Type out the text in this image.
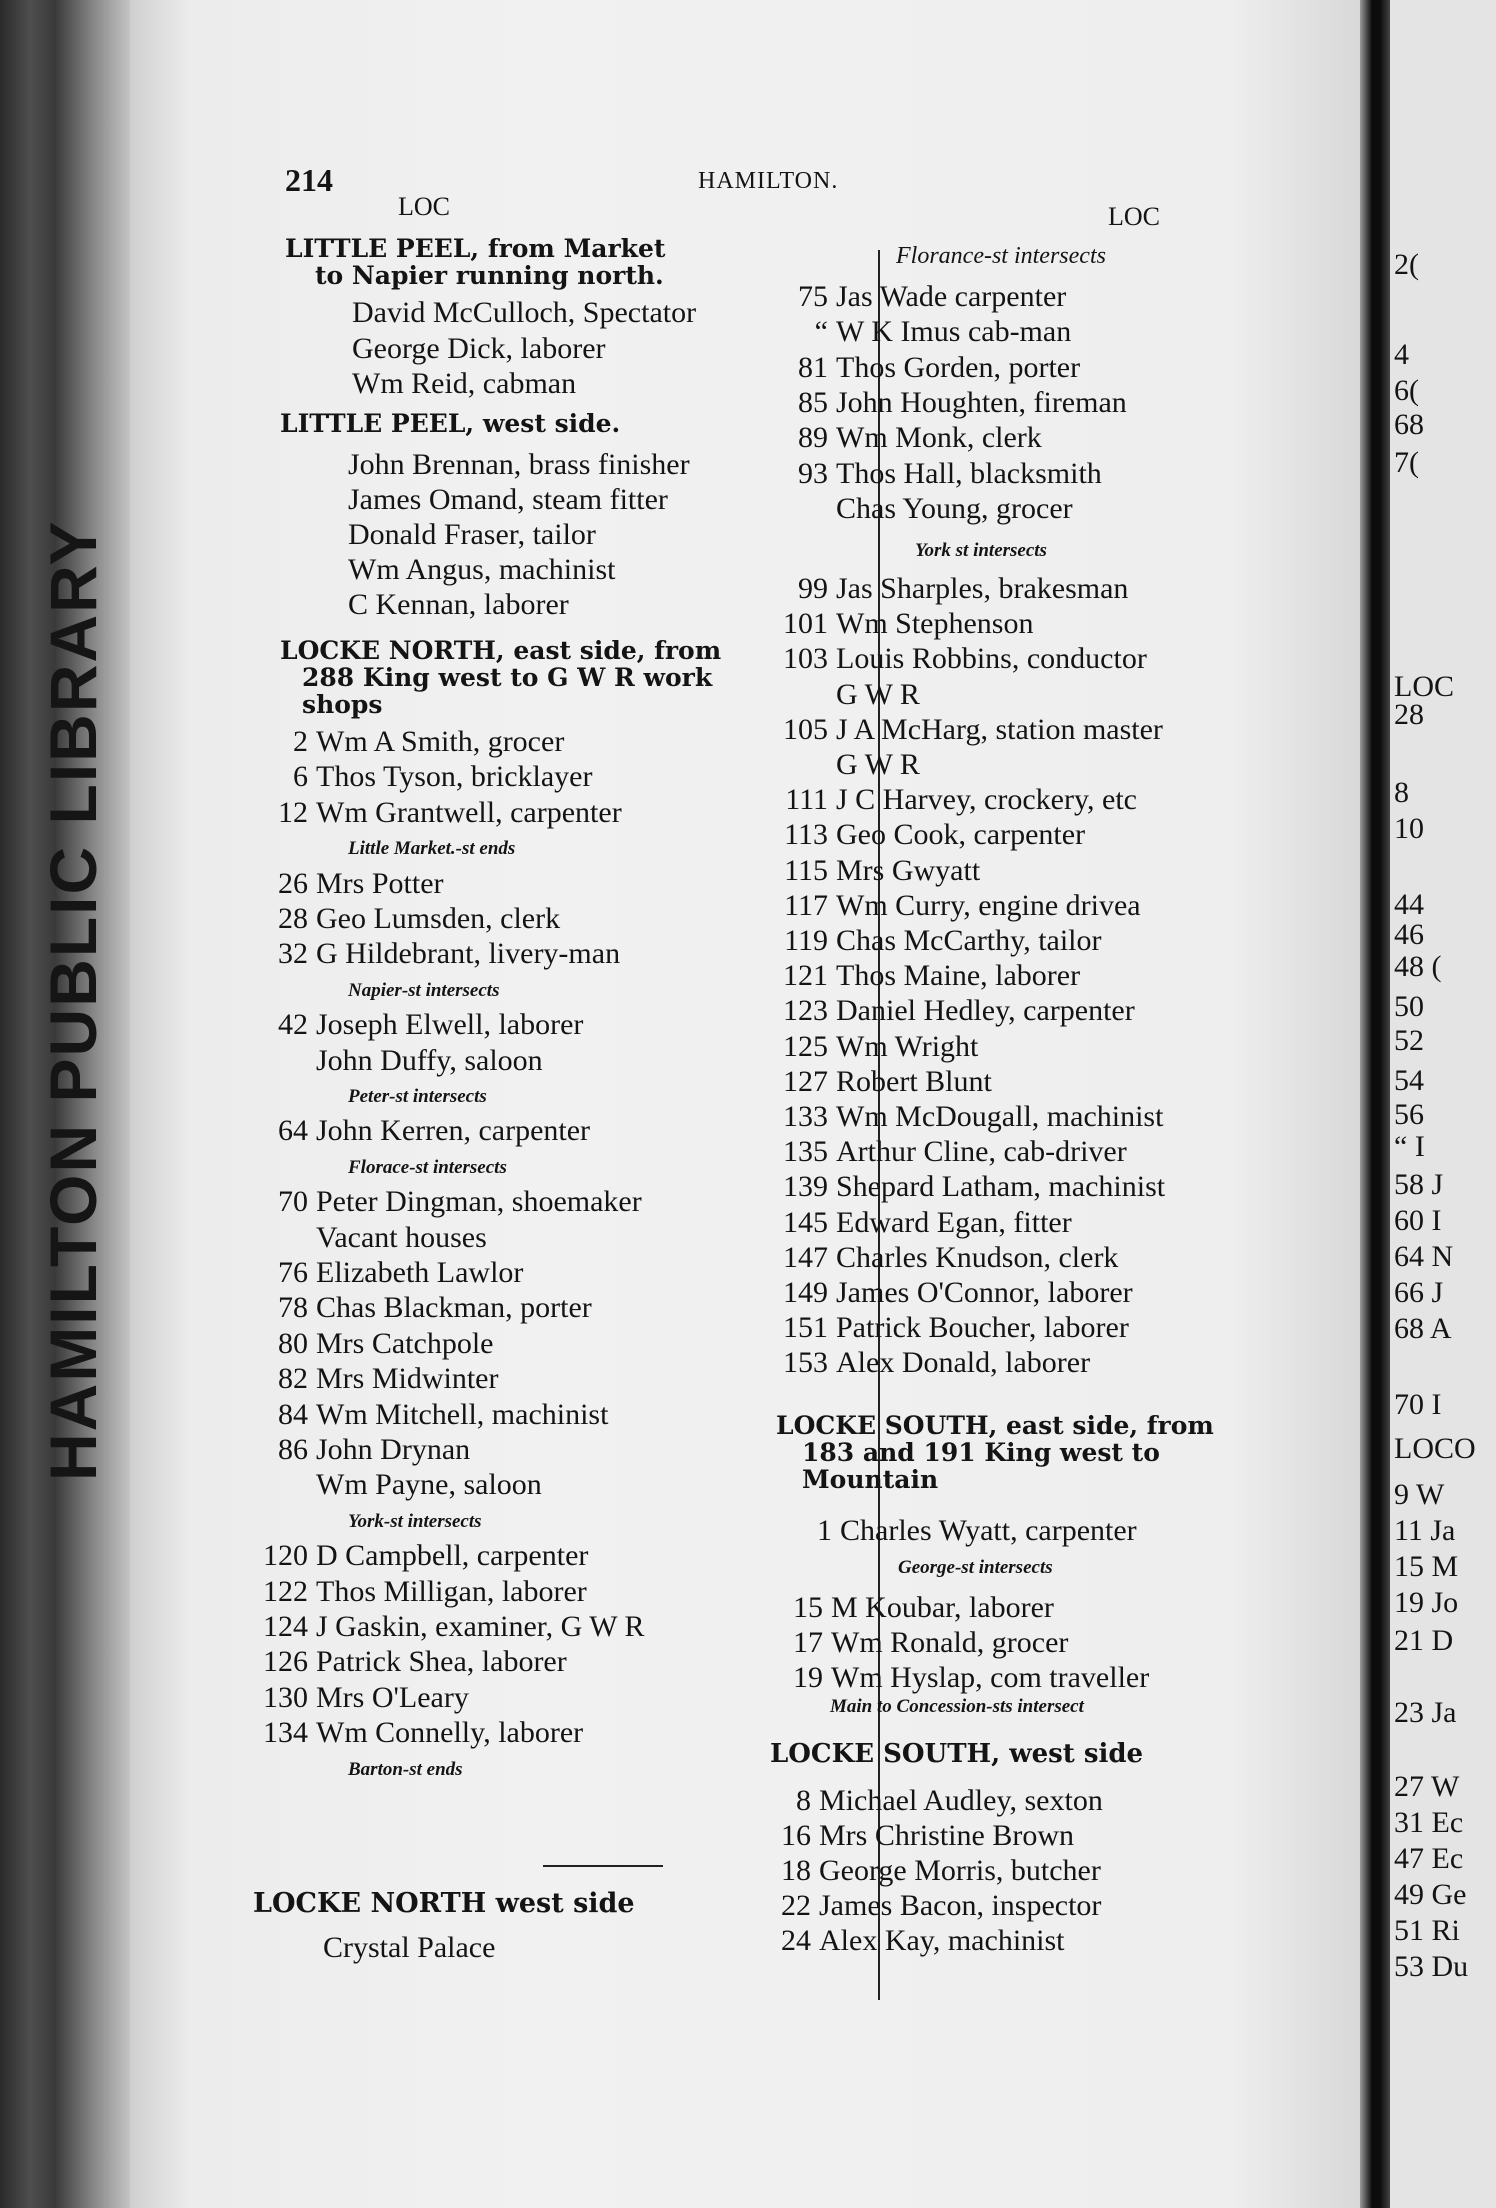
HAMILTON PUBLIC LIBRARY
214	HAMILTON.
LOC	LOC
LITTLE PEEL, from Market
to Napier running north.
David McCulloch, Spectator
George Dick, laborer
Wm Reid, cabman
LITTLE PEEL, west side.
John Brennan, brass finisher
James Omand, steam fitter
Donald Fraser, tailor
Wm Angus, machinist
C Kennan, laborer
LOCKE NORTH, east side, from
288 King west to G W R work
shops
2 Wm A Smith, grocer
6 Thos Tyson, bricklayer
12 Wm Grantwell, carpenter
Little Market.-st ends
26 Mrs Potter
28 Geo Lumsden, clerk
32 G Hildebrant, livery-man
Napier-st intersects
42 Joseph Elwell, laborer
John Duffy, saloon
Peter-st intersects
64 John Kerren, carpenter
Florace-st intersects
70 Peter Dingman, shoemaker
Vacant houses
76 Elizabeth Lawlor
78 Chas Blackman, porter
80 Mrs Catchpole
82 Mrs Midwinter
84 Wm Mitchell, machinist
86 John Drynan
Wm Payne, saloon
York-st intersects
120 D Campbell, carpenter
122 Thos Milligan, laborer
124 J Gaskin, examiner, G W R
126 Patrick Shea, laborer
130 Mrs O'Leary
134 Wm Connelly, laborer
Barton-st ends
LOCKE NORTH west side
Crystal Palace
Florance-st intersects
75 Jas Wade carpenter
“ W K Imus cab-man
81 Thos Gorden, porter
85 John Houghten, fireman
89 Wm Monk, clerk
93 Thos Hall, blacksmith
Chas Young, grocer
York st intersects
99 Jas Sharples, brakesman
101 Wm Stephenson
103 Louis Robbins, conductor
G W R
105 J A McHarg, station master
G W R
111 J C Harvey, crockery, etc
113 Geo Cook, carpenter
115 Mrs Gwyatt
117 Wm Curry, engine drivea
119 Chas McCarthy, tailor
121 Thos Maine, laborer
123 Daniel Hedley, carpenter
125 Wm Wright
127 Robert Blunt
133 Wm McDougall, machinist
135 Arthur Cline, cab-driver
139 Shepard Latham, machinist
145 Edward Egan, fitter
147 Charles Knudson, clerk
149 James O'Connor, laborer
151 Patrick Boucher, laborer
153 Alex Donald, laborer
LOCKE SOUTH, east side, from
183 and 191 King west to
Mountain
1 Charles Wyatt, carpenter
George-st intersects
15 M Koubar, laborer
17 Wm Ronald, grocer
19 Wm Hyslap, com traveller
Main to Concession-sts intersect
LOCKE SOUTH, west side
8 Michael Audley, sexton
16 Mrs Christine Brown
18 George Morris, butcher
22 James Bacon, inspector
24 Alex Kay, machinist
2(
4
6(
68
7(
LOC
28
8
10
44
46
48 (
50
52
54
56
“ I
58 J
60 I
64 N
66 J
68 A
70 I
LOCO
9 W
11 Ja
15 M
19 Jo
21 D
23 Ja
27 W
31 Ec
47 Ec
49 Ge
51 Ri
53 Du
